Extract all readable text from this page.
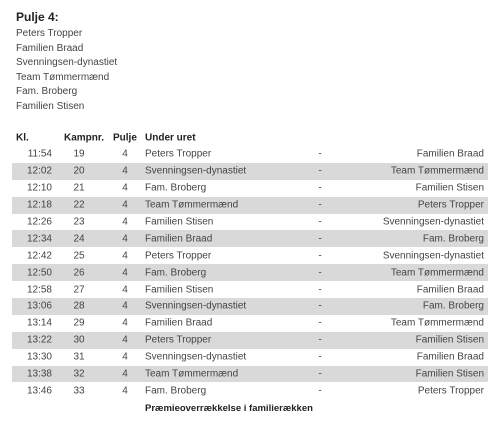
Pulje 4:
Peters Tropper
Familien Braad
Svenningsen-dynastiet
Team Tømmermænd
Fam. Broberg
Familien Stisen
Kl.	Kampnr. Pulje Under uret
11:54	19	4	Peters Tropper	-	Familien Braad
12:02	20	4	Svenningsen-dynastiet	-	Team Tømmermænd
12:10	21	4	Fam. Broberg	-	Familien Stisen
12:18	22	4	Team Tømmermænd	-	Peters Tropper
12:26	23	4	Familien Stisen	-	Svenningsen-dynastiet
12:34	24	4	Familien Braad	-	Fam. Broberg
12:42	25	4	Peters Tropper	-	Svenningsen-dynastiet
12:50	26	4	Fam. Broberg	-	Team Tømmermænd
12:58	27	4	Familien Stisen	-	Familien Braad
13:06	28	4	Svenningsen-dynastiet	-	Fam. Broberg
13:14	29	4	Familien Braad	-	Team Tømmermænd
13:22	30	4	Peters Tropper	-	Familien Stisen
13:30	31	4	Svenningsen-dynastiet	-	Familien Braad
13:38	32	4	Team Tømmermænd	-	Familien Stisen
13:46	33	4	Fam. Broberg	-	Peters Tropper
Præmieoverrækkelse i familierækken
